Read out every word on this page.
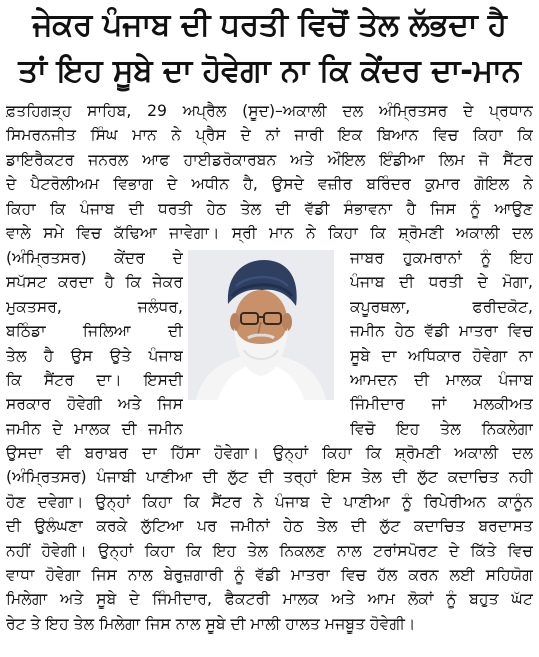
ਜੇਕਰ ਪੰਜਾਬ ਦੀ ਧਰਤੀ ਵਿਚੋਂ ਤੇਲ ਲੱਭਦਾ ਹੈ
ਤਾਂ ਇਹ ਸੂਬੇ ਦਾ ਹੋਵੇਗਾ ਨਾ ਕਿ ਕੇਂਦਰ ਦਾ-ਮਾਨ
ਫ਼ਤਹਿਗੜ੍ਹ ਸਾਹਿਬ, 29 ਅਪ੍ਰੈਲ (ਸੂਦ)–ਅਕਾਲੀ ਦਲ ਅੰਮ੍ਰਿਤਸਰ ਦੇ ਪ੍ਰਧਾਨ
ਸਿਮਰਨਜੀਤ ਸਿੰਘ ਮਾਨ ਨੇ ਪ੍ਰੈਸ ਦੇ ਨਾਂ ਜਾਰੀ ਇਕ ਬਿਆਨ ਵਿਚ ਕਿਹਾ ਕਿ
ਡਾਇਰੈਕਟਰ ਜਨਰਲ ਆਫ ਹਾਈਡਰੋਕਾਰਬਨ ਅਤੇ ਔਇਲ ਇੰਡੀਆ ਲਿਮ ਜੋ ਸੈਂਟਰ
ਦੇ ਪੈਟਰੋਲੀਅਮ ਵਿਭਾਗ ਦੇ ਅਧੀਨ ਹੈ, ਉਸਦੇ ਵਜ਼ੀਰ ਬਰਿੰਦਰ ਕੁਮਾਰ ਗੋਇਲ ਨੇ
ਕਿਹਾ ਕਿ ਪੰਜਾਬ ਦੀ ਧਰਤੀ ਹੇਠ ਤੇਲ ਦੀ ਵੱਡੀ ਸੰਭਾਵਨਾ ਹੈ ਜਿਸ ਨੂੰ ਆਉਣ
ਵਾਲੇ ਸਮੇ ਵਿਚ ਕੱਢਿਆ ਜਾਵੇਗਾ। ਸ੍ਰੀ ਮਾਨ ਨੇ ਕਿਹਾ ਕਿ ਸ਼੍ਰੋਮਣੀ ਅਕਾਲੀ ਦਲ
(ਅੰਮ੍ਰਿਤਸਰ) ਕੇਂਦਰ ਦੇ
ਸਪੱਸਟ ਕਰਦਾ ਹੈ ਕਿ ਜੇਕਰ
ਮੁਕਤਸਰ, ਜਲੰਧਰ,
ਬਠਿੰਡਾ ਜਿਲਿਆ ਦੀ
ਤੇਲ ਹੈ ਉਸ ਉਤੇ ਪੰਜਾਬ
ਕਿ ਸੈਂਟਰ ਦਾ। ਇਸਦੀ
ਸਰਕਾਰ ਹੋਵੇਗੀ ਅਤੇ ਜਿਸ
ਜਮੀਨ ਦੇ ਮਾਲਕ ਦੀ ਜਮੀਨ
ਜਾਬਰ ਹੁਕਮਰਾਨਾਂ ਨੂੰ ਇਹ
ਪੰਜਾਬ ਦੀ ਧਰਤੀ ਦੇ ਮੋਗਾ,
ਕਪੂਰਥਲਾ, ਫਰੀਦਕੋਟ,
ਜਮੀਨ ਹੇਠ ਵੱਡੀ ਮਾਤਰਾ ਵਿਚ
ਸੂਬੇ ਦਾ ਅਧਿਕਾਰ ਹੋਵੇਗਾ ਨਾ
ਆਮਦਨ ਦੀ ਮਾਲਕ ਪੰਜਾਬ
ਜਿੰਮੀਦਾਰ ਜਾਂ ਮਲਕੀਅਤ
ਵਿਚੋ ਇਹ ਤੇਲ ਨਿਕਲੇਗਾ
ਉਸਦਾ ਵੀ ਬਰਾਬਰ ਦਾ ਹਿੱਸਾ ਹੋਵੇਗਾ। ਉਨ੍ਹਾਂ ਕਿਹਾ ਕਿ ਸ਼੍ਰੋਮਣੀ ਅਕਾਲੀ ਦਲ
(ਅੰਮ੍ਰਿਤਸਰ) ਪੰਜਾਬੀ ਪਾਣੀਆ ਦੀ ਲੁੱਟ ਦੀ ਤਰ੍ਹਾਂ ਇਸ ਤੇਲ ਦੀ ਲੁੱਟ ਕਦਾਚਿਤ ਨਹੀ
ਹੋਣ ਦਵੇਗਾ। ਉਨ੍ਹਾਂ ਕਿਹਾ ਕਿ ਸੈਂਟਰ ਨੇ ਪੰਜਾਬ ਦੇ ਪਾਣੀਆ ਨੂੰ ਰਿਪੇਰੀਅਨ ਕਾਨੂੰਨ
ਦੀ ਉਲੰਘਣਾ ਕਰਕੇ ਲੁੱਟਿਆ ਪਰ ਜਮੀਨਾਂ ਹੇਠ ਤੇਲ ਦੀ ਲੁੱਟ ਕਦਾਚਿਤ ਬਰਦਾਸਤ
ਨਹੀਂ ਹੋਵੇਗੀ। ਉਨ੍ਹਾਂ ਕਿਹਾ ਕਿ ਇਹ ਤੇਲ ਨਿਕਲਣ ਨਾਲ ਟਰਾਂਸਪੋਰਟ ਦੇ ਕਿੱਤੇ ਵਿਚ
ਵਾਧਾ ਹੋਵੇਗਾ ਜਿਸ ਨਾਲ ਬੇਰੁਜ਼ਗਾਰੀ ਨੂੰ ਵੱਡੀ ਮਾਤਰਾ ਵਿਚ ਹੱਲ ਕਰਨ ਲਈ ਸਹਿਯੋਗ
ਮਿਲੇਗਾ ਅਤੇ ਸੂਬੇ ਦੇ ਜਿੰਮੀਦਾਰ, ਫੈਕਟਰੀ ਮਾਲਕ ਅਤੇ ਆਮ ਲੋਕਾਂ ਨੂੰ ਬਹੁਤ ਘੱਟ
ਰੇਟ ਤੇ ਇਹ ਤੇਲ ਮਿਲੇਗਾ ਜਿਸ ਨਾਲ ਸੂਬੇ ਦੀ ਮਾਲੀ ਹਾਲਤ ਮਜਬੂਤ ਹੋਵੇਗੀ।
